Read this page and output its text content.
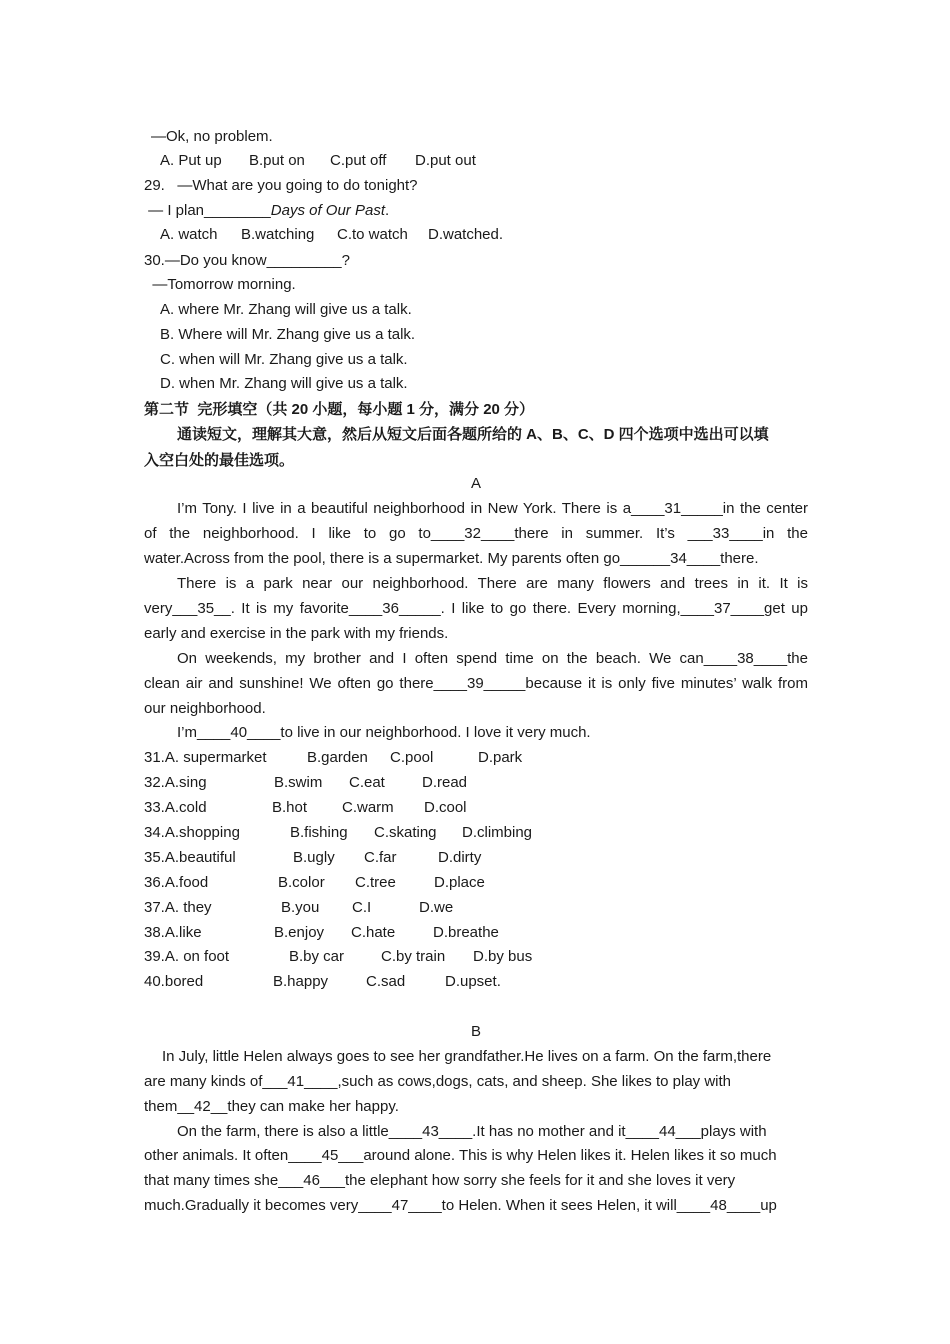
—Ok, no problem.

A. Put up

B.put on

C.put off

D.put out

29.   —What are you going to do tonight?
— I plan________Days of Our Past.

A. watch

B.watching

C.to watch

D.watched.

30.—Do you know_________?
—Tomorrow morning.
A. where Mr. Zhang will give us a talk.
B. Where will Mr. Zhang give us a talk.
C. when will Mr. Zhang give us a talk.
D. when Mr. Zhang will give us a talk.
第二节  完形填空（共 20 小题，每小题 1 分，满分 20 分）
通读短文，理解其大意，然后从短文后面各题所给的 A、B、C、D 四个选项中选出可以填
入空白处的最佳选项。
A
I’m Tony. I live in a beautiful neighborhood in New York. There is a____31_____in the center
of the neighborhood. I like to go to____32____there in summer. It’s ___33____in the
water.Across from the pool, there is a supermarket. My parents often go______34____there.
There is a park near our neighborhood. There are many flowers and trees in it. It is
very___35__. It is my favorite____36_____. I like to go there. Every morning,____37____get up
early and exercise in the park with my friends.
On weekends, my brother and I often spend time on the beach. We can____38____the
clean air and sunshine! We often go there____39_____because it is only five minutes’ walk from
our neighborhood.
I’m____40____to live in our neighborhood. I love it very much.

31.A. supermarket

	B.garden

C.pool

	D.park

32.A.sing

	B.swim

C.eat

D.read

33.A.cold

	B.hot

C.warm

D.cool

34.A.shopping

	B.fishing

C.skating

D.climbing

35.A.beautiful

	B.ugly

C.far

	D.dirty

36.A.food

	B.color

C.tree

	D.place

37.A. they

	B.you

C.I

	D.we

38.A.like

	B.enjoy

C.hate

	D.breathe

39.A. on foot

	B.by car

C.by train

D.by bus

40.bored

	B.happy

	C.sad

	D.upset.

B
In July, little Helen always goes to see her grandfather.He lives on a farm. On the farm,there
are many kinds of___41____,such as cows,dogs, cats, and sheep. She likes to play with
them__42__they can make her happy.
On the farm, there is also a little____43____.It has no mother and it____44___plays with
other animals. It often____45___around alone. This is why Helen likes it. Helen likes it so much
that many times she___46___the elephant how sorry she feels for it and she loves it very
much.Gradually it becomes very____47____to Helen. When it sees Helen, it will____48____up
